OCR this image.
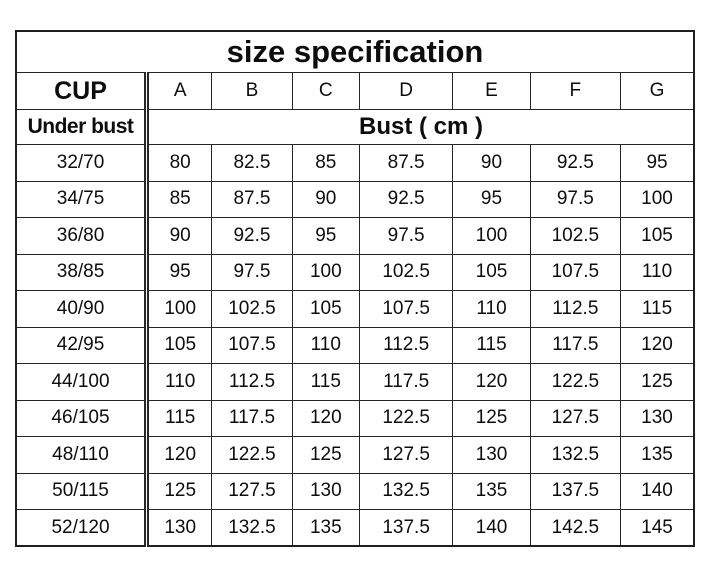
size specification							
CUP	A	B	C	D	E	F	G
Under bust	Bust ( cm )						
32/70	80	82.5	85	87.5	90	92.5	95
34/75	85	87.5	90	92.5	95	97.5	100
36/80	90	92.5	95	97.5	100	102.5	105
38/85	95	97.5	100	102.5	105	107.5	110
40/90	100	102.5	105	107.5	110	112.5	115
42/95	105	107.5	110	112.5	115	117.5	120
44/100	110	112.5	115	117.5	120	122.5	125
46/105	115	117.5	120	122.5	125	127.5	130
48/110	120	122.5	125	127.5	130	132.5	135
50/115	125	127.5	130	132.5	135	137.5	140
52/120	130	132.5	135	137.5	140	142.5	145
